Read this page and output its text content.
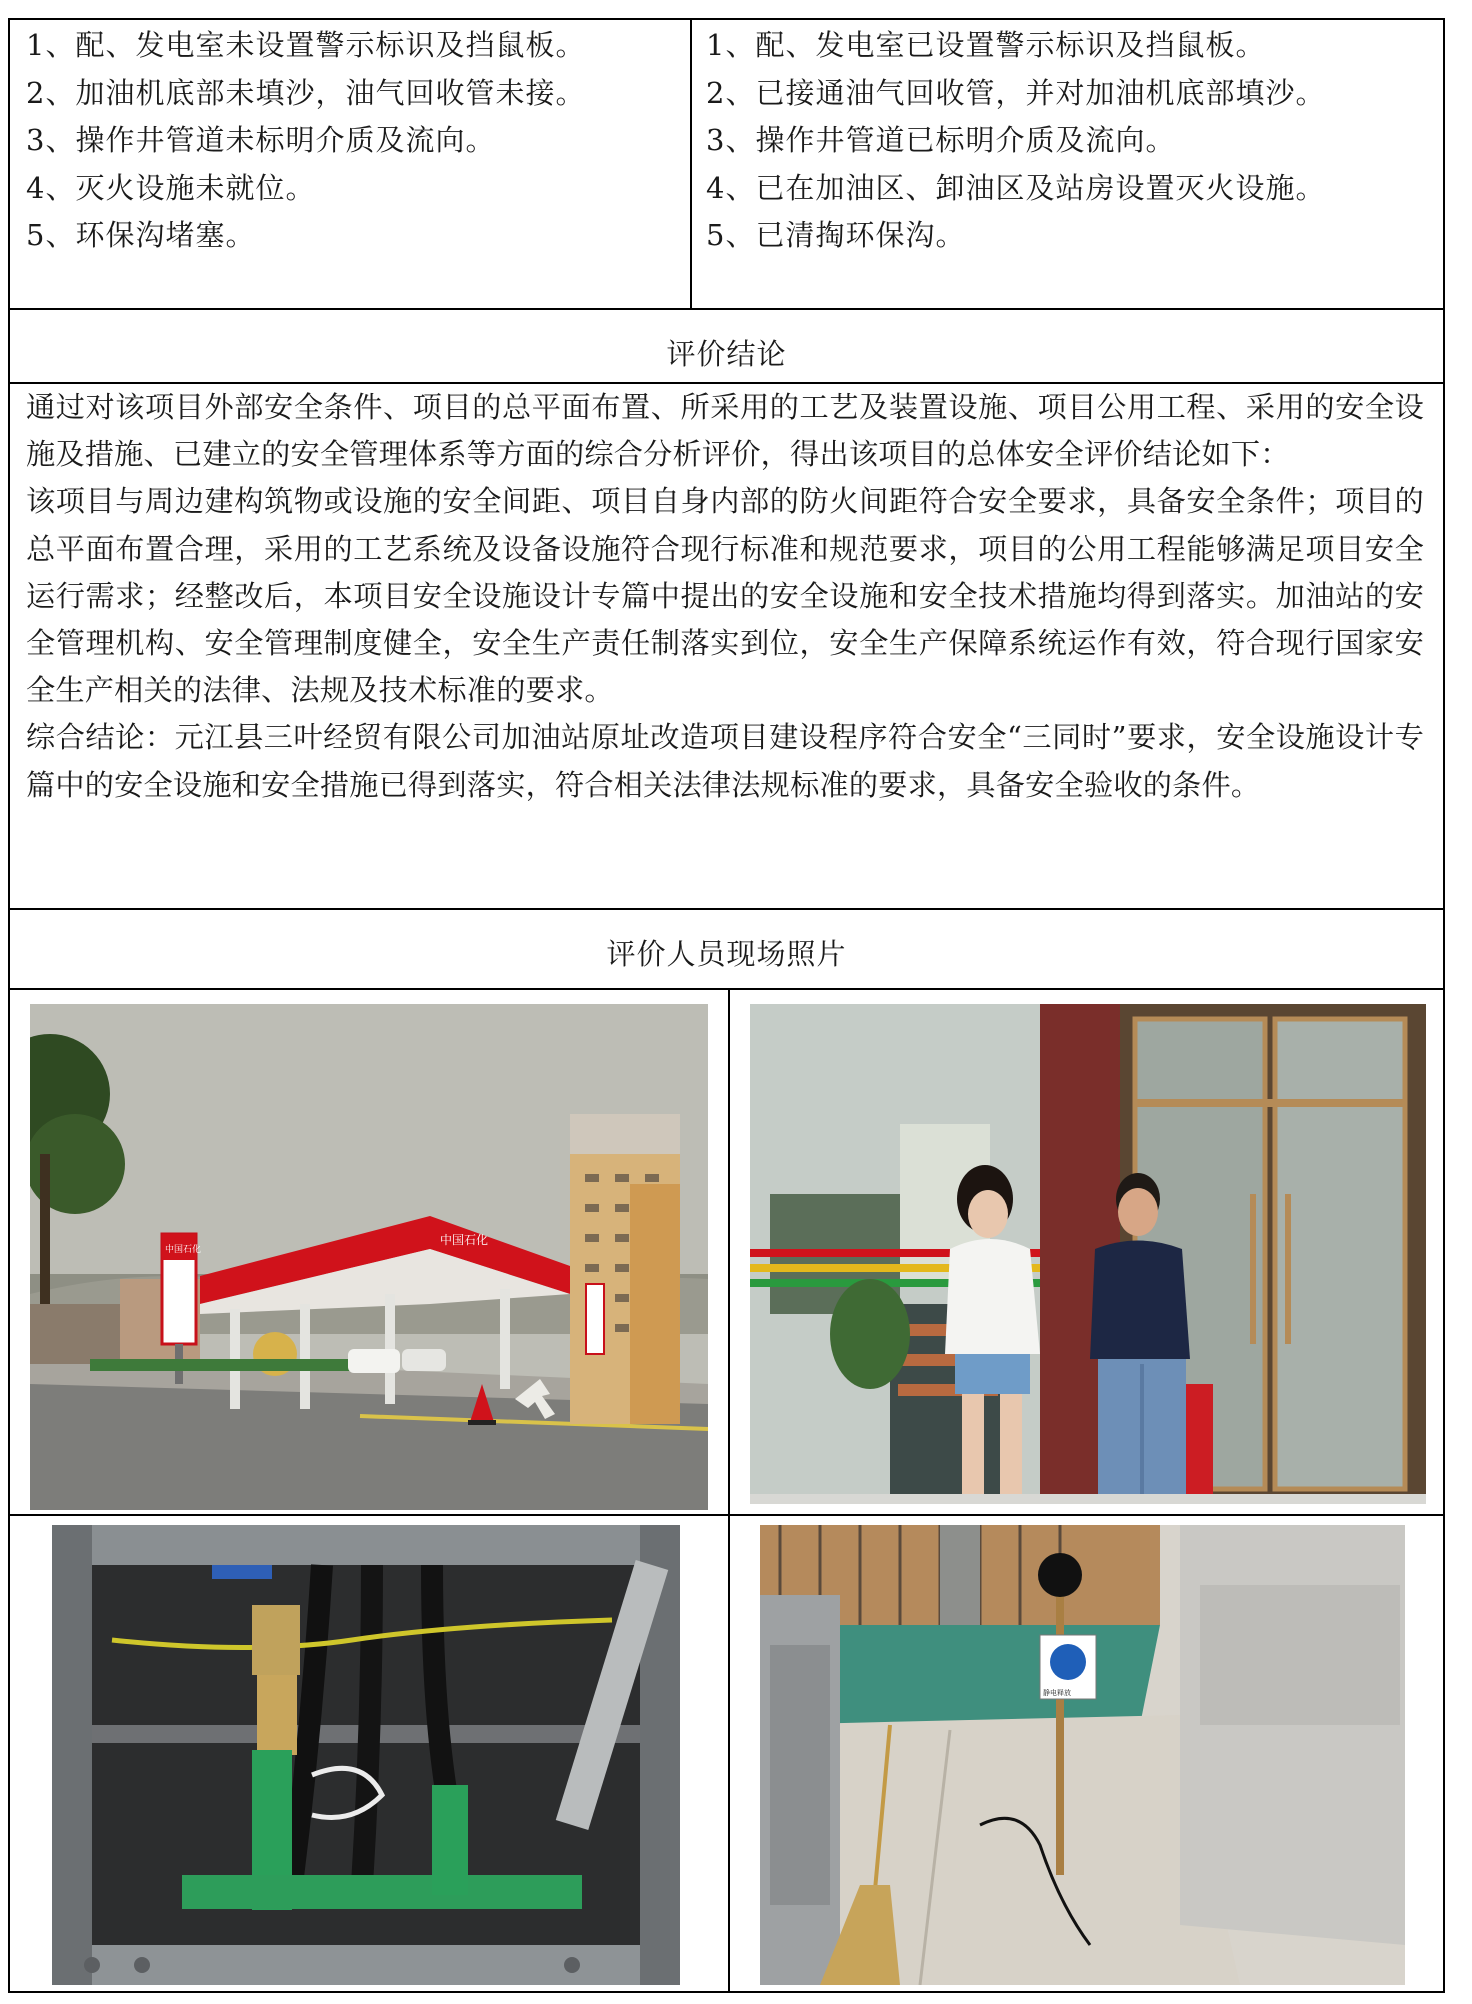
1、配、发电室未设置警示标识及挡鼠板。
2、加油机底部未填沙，油气回收管未接。
3、操作井管道未标明介质及流向。
4、灭火设施未就位。
5、环保沟堵塞。
1、配、发电室已设置警示标识及挡鼠板。
2、已接通油气回收管，并对加油机底部填沙。
3、操作井管道已标明介质及流向。
4、已在加油区、卸油区及站房设置灭火设施。
5、已清掏环保沟。
评价结论

通过对该项目外部安全条件、项目的总平面布置、所采用的工艺及装置设施、项目公用工程、采用的安全设施及措施、已建立的安全管理体系等方面的综合分析评价，得出该项目的总体安全评价结论如下：

该项目与周边建构筑物或设施的安全间距、项目自身内部的防火间距符合安全要求，具备安全条件；项目的总平面布置合理，采用的工艺系统及设备设施符合现行标准和规范要求，项目的公用工程能够满足项目安全运行需求；经整改后，本项目安全设施设计专篇中提出的安全设施和安全技术措施均得到落实。加油站的安全管理机构、安全管理制度健全，安全生产责任制落实到位，安全生产保障系统运作有效，符合现行国家安全生产相关的法律、法规及技术标准的要求。

综合结论：元江县三叶经贸有限公司加油站原址改造项目建设程序符合安全“三同时”要求，安全设施设计专篇中的安全设施和安全措施已得到落实，符合相关法律法规标准的要求，具备安全验收的条件。

评价人员现场照片
中国石化
中国石化
静电释放
